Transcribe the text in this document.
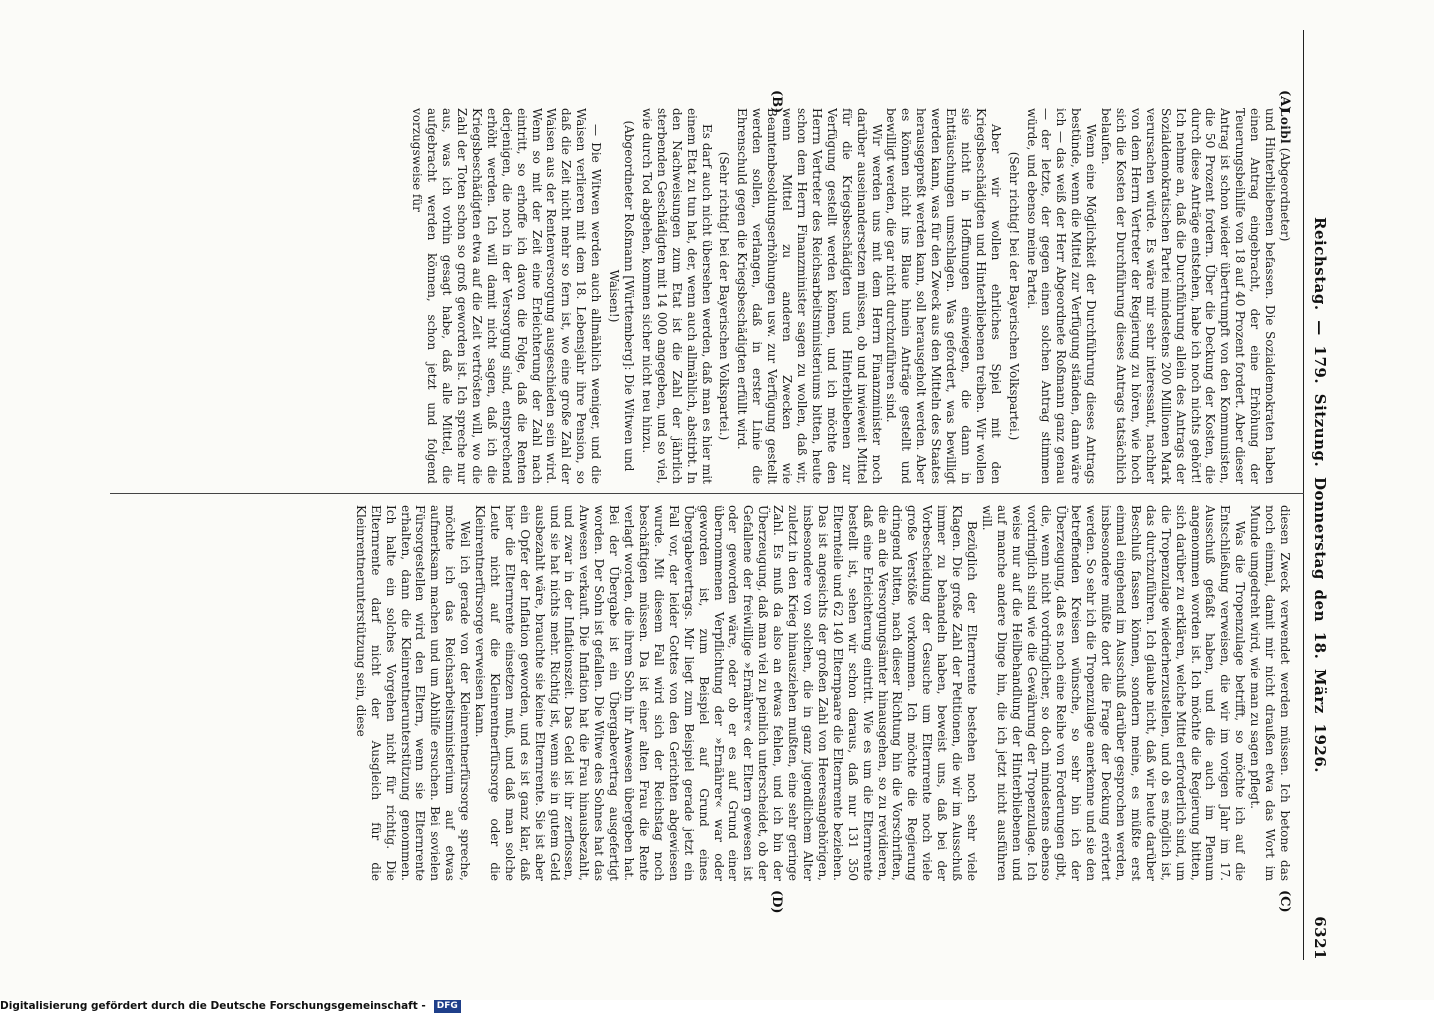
Reichstag. — 179. Sitzung. Donnerstag den 18. März 1926.
6321
(A)
(B)
(C)
(D)

Loibl (Abgeordneter)

und Hinterbliebenen befassen. Die Sozialdemokraten haben einen Antrag eingebracht, der eine Erhöhung der Teuerungsbeihilfe von 18 auf 40 Prozent fordert. Aber dieser Antrag ist schon wieder übertrumpft von den Kommunisten, die 50 Prozent fordern. Über die Deckung der Kosten, die durch diese Anträge entstehen, habe ich noch nichts gehört! Ich nehme an, daß die Durchführung allein des Antrags der Sozialdemokratischen Partei mindestens 200 Millionen Mark verursachen würde. Es wäre mir sehr interessant, nachher von dem Herrn Vertreter der Regierung zu hören, wie hoch sich die Kosten der Durchführung dieses Antrags tatsächlich belaufen.

Wenn eine Möglichkeit der Durchführung dieses Antrags bestünde, wenn die Mittel zur Verfügung ständen, dann wäre ich — das weiß der Herr Abgeordnete Roßmann ganz genau — der letzte, der gegen einen solchen Antrag stimmen würde, und ebenso meine Partei.

(Sehr richtig! bei der Bayerischen Volkspartei.)

Aber wir wollen ehrliches Spiel mit den Kriegsbeschädigten und Hinterbliebenen treiben. Wir wollen sie nicht in Hoffnungen einwiegen, die dann in Enttäuschungen umschlagen. Was gefordert, was bewilligt werden kann, was für den Zweck aus den Mitteln des Staates herausgepreßt werden kann, soll herausgeholt werden. Aber es können nicht ins Blaue hinein Anträge gestellt und bewilligt werden, die gar nicht durchzuführen sind.

Wir werden uns mit dem Herrn Finanzminister noch darüber auseinandersetzen müssen, ob und inwieweit Mittel für die Kriegsbeschädigten und Hinterbliebenen zur Verfügung gestellt werden können, und ich möchte den Herrn Vertreter des Reichsarbeitsministeriums bitten, heute schon dem Herrn Finanzminister sagen zu wollen, daß wir, wenn Mittel zu anderen Zwecken wie Beamtenbesoldungserhöhungen usw. zur Verfügung gestellt werden sollen, verlangen, daß in erster Linie die Ehrenschuld gegen die Kriegsbeschädigten erfüllt wird.

(Sehr richtig! bei der Bayerischen Volkspartei.)

Es darf auch nicht übersehen werden, daß man es hier mit einem Etat zu tun hat, der, wenn auch allmählich, abstirbt. In den Nachweisungen zum Etat ist die Zahl der jährlich sterbenden Geschädigten mit 14 000 angegeben, und so viel, wie durch Tod abgehen, kommen sicher nicht neu hinzu.

(Abgeordneter Roßmann [Württemberg]: Die Witwen und Waisen!)

— Die Witwen werden auch allmählich weniger, und die Waisen verlieren mit dem 18. Lebensjahr ihre Pension, so daß die Zeit nicht mehr so fern ist, wo eine große Zahl der Waisen aus der Rentenversorgung ausgeschieden sein wird. Wenn so mit der Zeit eine Erleichterung der Zahl nach eintritt, so erhoffe ich davon die Folge, daß die Renten derjenigen, die noch in der Versorgung sind, entsprechend erhöht werden. Ich will damit nicht sagen, daß ich die Kriegsbeschädigten etwa auf die Zeit vertrösten will, wo die Zahl der Toten schon so groß geworden ist. Ich spreche nur aus, was ich vorhin gesagt habe, daß alle Mittel, die aufgebracht werden können, schon jetzt und folgend vorzugsweise für

diesen Zweck verwendet werden müssen. Ich betone das noch einmal, damit mir nicht draußen etwa das Wort im Munde umgedreht wird, wie man zu sagen pflegt.

Was die Tropenzulage betrifft, so möchte ich auf die Entschließung verweisen, die wir im vorigen Jahr im 17. Ausschuß gefaßt haben, und die auch im Plenum angenommen worden ist. Ich möchte die Regierung bitten, sich darüber zu erklären, welche Mittel erforderlich sind, um die Tropenzulage wiederherzustellen, und ob es möglich ist, das durchzuführen. Ich glaube nicht, daß wir heute darüber Beschluß fassen können, sondern meine, es müßte erst einmal eingehend im Ausschuß darüber gesprochen werden, insbesondere müßte dort die Frage der Deckung erörtert werden. So sehr ich die Tropenzulage anerkenne und sie den betreffenden Kreisen wünsche, so sehr bin ich der Überzeugung, daß es noch eine Reihe von Forderungen gibt, die, wenn nicht vordringlicher, so doch mindestens ebenso vordringlich sind wie die Gewährung der Tropenzulage. Ich weise nur auf die Heilbehandlung der Hinterbliebenen und auf manche andere Dinge hin, die ich jetzt nicht ausführen will.

Bezüglich der Elternrente bestehen noch sehr viele Klagen. Die große Zahl der Petitionen, die wir im Ausschuß immer zu behandeln haben, beweist uns, daß bei der Vorbescheidung der Gesuche um Elternrente noch viele große Verstöße vorkommen. Ich möchte die Regierung dringend bitten, nach dieser Richtung hin die Vorschriften, die an die Versorgungsämter hinausgehen, so zu revidieren, daß eine Erleichterung eintritt. Wie es um die Elternrente bestellt ist, sehen wir schon daraus, daß nur 131 350 Elternteile und 62 140 Elternpaare die Elternrente beziehen. Das ist angesichts der großen Zahl von Heeresangehörigen, insbesondere von solchen, die in ganz jugendlichem Alter zuletzt in den Krieg hinausziehen mußten, eine sehr geringe Zahl. Es muß da also an etwas fehlen, und ich bin der Überzeugung, daß man viel zu peinlich unterscheidet, ob der Gefallene der freiwillige »Ernährer« der Eltern gewesen ist oder geworden wäre, oder ob er es auf Grund einer übernommenen Verpflichtung der »Ernährer« war oder geworden ist, zum Beispiel auf Grund eines Übergabevertrags. Mir liegt zum Beispiel gerade jetzt ein Fall vor, der leider Gottes von den Gerichten abgewiesen wurde. Mit diesem Fall wird sich der Reichstag noch beschäftigen müssen. Da ist einer alten Frau die Rente verlagt worden, die ihrem Sohn ihr Anwesen übergeben hat. Bei der Übergabe ist ein Übergabevertrag ausgefertigt worden. Der Sohn ist gefallen. Die Witwe des Sohnes hat das Anwesen verkauft. Die Inflation hat die Frau hinausbezahlt, und zwar in der Inflationszeit. Das Geld ist ihr zerflossen, und sie hat nichts mehr. Richtig ist, wenn sie in gutem Geld ausbezahlt wäre, brauchte sie keine Elternrente. Sie ist aber ein Opfer der Inflation geworden, und es ist ganz klar, daß hier die Elternrente einsetzen muß, und daß man solche Leute nicht auf die Kleinrentnerfürsorge oder die Kleinrentnerfürsorge verweisen kann.

Weil ich gerade von der Kleinrentnerfürsorge spreche, möchte ich das Reichsarbeitsministerium auf etwas aufmerksam machen und um Abhilfe ersuchen. Bei sovielen Fürsorgestellen wird den Eltern, wenn sie Elternrente erhalten, dann die Kleinrentnerunterstützung genommen. Ich halte ein solches Vorgehen nicht für richtig. Die Elternrente darf nicht der Ausgleich für die Kleinrentnerunterstützung sein, diese

Digitalisierung gefördert durch die Deutsche Forschungsgemeinschaft -	DFG
